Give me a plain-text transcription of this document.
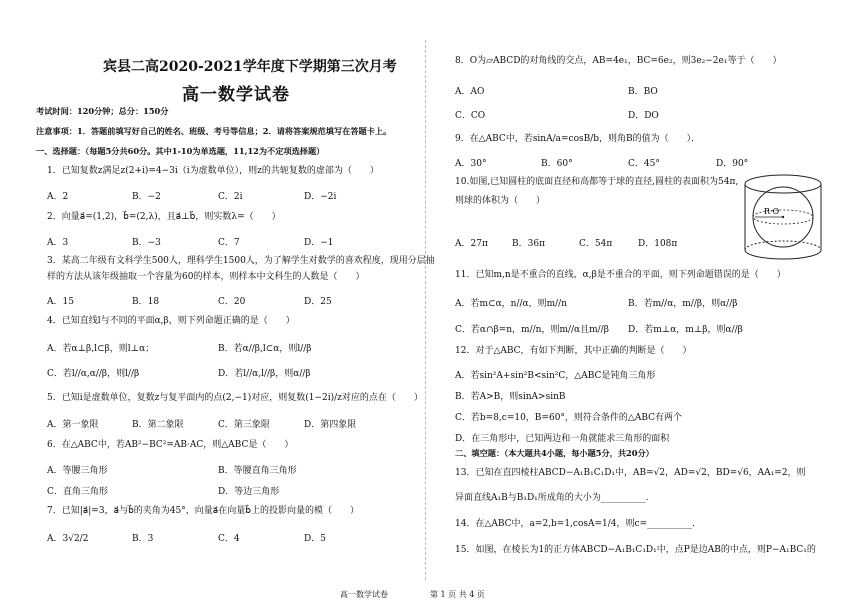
宾县二高2020-2021学年度下学期第三次月考
高一数学试卷
考试时间：120分钟；总分：150分
注意事项：1．答题前填写好自己的姓名、班级、考号等信息；2．请将答案规范填写在答题卡上。
一、选择题：（每题5分共60分。其中1-10为单选题，11,12为不定项选择题）
1．已知复数z满足z(2+i)=4−3i（i为虚数单位），则z的共轭复数的虚部为（　　）
A．2	B．−2	C．2i	D．−2i
2．向量a⃗=(1,2)，b⃗=(2,λ)，且a⃗⊥b⃗，则实数λ=（　　）
A．3	B．−3	C．7	D．−1
3．某高二年级有文科学生500人，理科学生1500人，为了解学生对数学的喜欢程度，现用分层抽
样的方法从该年级抽取一个容量为60的样本，则样本中文科生的人数是（　　）
A．15	B．18	C．20	D．25
4．已知直线l与不同的平面α,β，则下列命题正确的是（　　）
A．若α⊥β,l⊂β，则l⊥α；	B．若α//β,l⊂α，则l//β
C．若l//α,α//β，则l//β	D．若l//α,l//β，则α//β
5．已知i是虚数单位，复数z与复平面内的点(2,−1)对应，则复数(1−2i)/z对应的点在（　　）
A．第一象限	B．第二象限	C．第三象限	D．第四象限
6．在△ABC中，若AB²−BC²=AB·AC，则△ABC是（　　）
A．等腰三角形	B．等腰直角三角形
C．直角三角形	D．等边三角形
7．已知|a⃗|=3，a⃗与b⃗的夹角为45°，向量a⃗在向量b⃗上的投影向量的模（　　）
A．3√2/2	B．3	C．4	D．5
8．O为▱ABCD的对角线的交点，AB=4e₁，BC=6e₂，则3e₂−2e₁等于（　　）
A．AO	B．BO
C．CO	D．DO
9．在△ABC中，若sinA/a=cosB/b，则角B的值为（　　）．
A．30°	B．60°	C．45°	D．90°
10.如图,已知圆柱的底面直径和高都等于球的直径,圆柱的表面积为54π,
则球的体积为（　　）
A．27π	B．36π	C．54π	D．108π
R·O
11．已知m,n是不重合的直线，α,β是不重合的平面，则下列命题错误的是（　　）
A．若m⊂α，n//α，则m//n	B．若m//α，m//β，则α//β
C．若α∩β=n，m//n，则m//α且m//β D．若m⊥α，m⊥β，则α//β
12．对于△ABC，有如下判断，其中正确的判断是（　　）
A．若sin²A+sin²B<sin²C，△ABC是钝角三角形
B．若A>B，则sinA>sinB
C．若b=8,c=10，B=60°，则符合条件的△ABC有两个
D．在三角形中，已知两边和一角就能求三角形的面积
二、填空题：（本大题共4小题，每小题5分，共20分）
13．已知在直四棱柱ABCD−A₁B₁C₁D₁中，AB=√2，AD=√2，BD=√6，AA₁=2，则
异面直线A₁B与B₁D₁所成角的大小为__________.
14．在△ABC中，a=2,b=1,cosA=1/4，则c=__________.
15．如图，在棱长为1的正方体ABCD−A₁B₁C₁D₁中，点P是边AB的中点，则P−A₁BC₁的
高一数学试卷	第 1 页 共 4 页
